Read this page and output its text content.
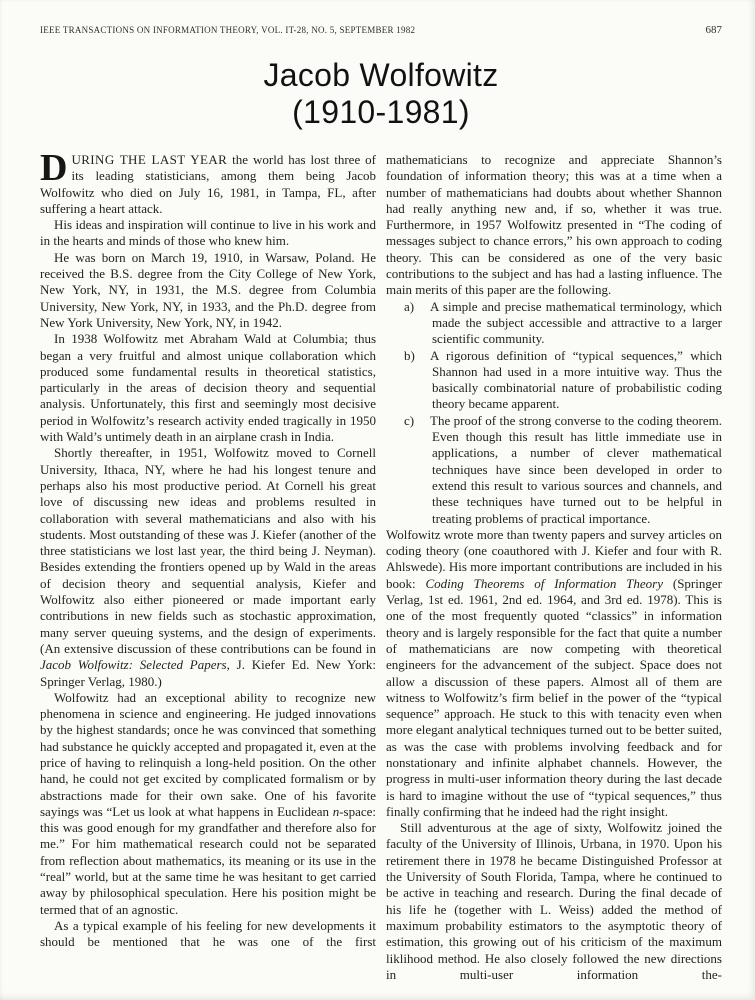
IEEE TRANSACTIONS ON INFORMATION THEORY, VOL. IT-28, NO. 5, SEPTEMBER 1982	687
Jacob Wolfowitz
(1910-1981)

DURING THE LAST YEAR the world has lost three of its leading statisticians, among them being Jacob Wolfowitz who died on July 16, 1981, in Tampa, FL, after suffering a heart attack.

His ideas and inspiration will continue to live in his work and in the hearts and minds of those who knew him.

He was born on March 19, 1910, in Warsaw, Poland. He received the B.S. degree from the City College of New York, New York, NY, in 1931, the M.S. degree from Columbia University, New York, NY, in 1933, and the Ph.D. degree from New York University, New York, NY, in 1942.

In 1938 Wolfowitz met Abraham Wald at Columbia; thus began a very fruitful and almost unique collaboration which produced some fundamental results in theoretical statistics, particularly in the areas of decision theory and sequential analysis. Unfortunately, this first and seemingly most decisive period in Wolfowitz’s research activity ended tragically in 1950 with Wald’s untimely death in an airplane crash in India.

Shortly thereafter, in 1951, Wolfowitz moved to Cornell University, Ithaca, NY, where he had his longest tenure and perhaps also his most productive period. At Cornell his great love of discussing new ideas and problems resulted in collaboration with several mathematicians and also with his students. Most outstanding of these was J. Kiefer (another of the three statisticians we lost last year, the third being J. Neyman). Besides extending the frontiers opened up by Wald in the areas of decision theory and sequential analysis, Kiefer and Wolfowitz also either pioneered or made important early contributions in new fields such as stochastic approximation, many server queuing systems, and the design of experiments. (An extensive discussion of these contributions can be found in Jacob Wolfowitz: Selected Papers, J. Kiefer Ed. New York: Springer Verlag, 1980.)

Wolfowitz had an exceptional ability to recognize new phenomena in science and engineering. He judged innovations by the highest standards; once he was convinced that something had substance he quickly accepted and propagated it, even at the price of having to relinquish a long-held position. On the other hand, he could not get excited by complicated formalism or by abstractions made for their own sake. One of his favorite sayings was “Let us look at what happens in Euclidean n-space: this was good enough for my grandfather and therefore also for me.” For him mathematical research could not be separated from reflection about mathematics, its meaning or its use in the “real” world, but at the same time he was hesitant to get carried away by philosophical speculation. Here his position might be termed that of an agnostic.

As a typical example of his feeling for new developments it should be mentioned that he was one of the first

mathematicians to recognize and appreciate Shannon’s foundation of information theory; this was at a time when a number of mathematicians had doubts about whether Shannon had really anything new and, if so, whether it was true. Furthermore, in 1957 Wolfowitz presented in “The coding of messages subject to chance errors,” his own approach to coding theory. This can be considered as one of the very basic contributions to the subject and has had a lasting influence. The main merits of this paper are the following.

a) A simple and precise mathematical terminology, which made the subject accessible and attractive to a larger scientific community.

b) A rigorous definition of “typical sequences,” which Shannon had used in a more intuitive way. Thus the basically combinatorial nature of probabilistic coding theory became apparent.

c) The proof of the strong converse to the coding theorem. Even though this result has little immediate use in applications, a number of clever mathematical techniques have since been developed in order to extend this result to various sources and channels, and these techniques have turned out to be helpful in treating problems of practical importance.

Wolfowitz wrote more than twenty papers and survey articles on coding theory (one coauthored with J. Kiefer and four with R. Ahlswede). His more important contributions are included in his book: Coding Theorems of Information Theory (Springer Verlag, 1st ed. 1961, 2nd ed. 1964, and 3rd ed. 1978). This is one of the most frequently quoted “classics” in information theory and is largely responsible for the fact that quite a number of mathematicians are now competing with theoretical engineers for the advancement of the subject. Space does not allow a discussion of these papers. Almost all of them are witness to Wolfowitz’s firm belief in the power of the “typical sequence” approach. He stuck to this with tenacity even when more elegant analytical techniques turned out to be better suited, as was the case with problems involving feedback and for nonstationary and infinite alphabet channels. However, the progress in multi-user information theory during the last decade is hard to imagine without the use of “typical sequences,” thus finally confirming that he indeed had the right insight.

Still adventurous at the age of sixty, Wolfowitz joined the faculty of the University of Illinois, Urbana, in 1970. Upon his retirement there in 1978 he became Distinguished Professor at the University of South Florida, Tampa, where he continued to be active in teaching and research. During the final decade of his life he (together with L. Weiss) added the method of maximum probability estimators to the asymptotic theory of estimation, this growing out of his criticism of the maximum liklihood method. He also closely followed the new directions in multi-user information the-
